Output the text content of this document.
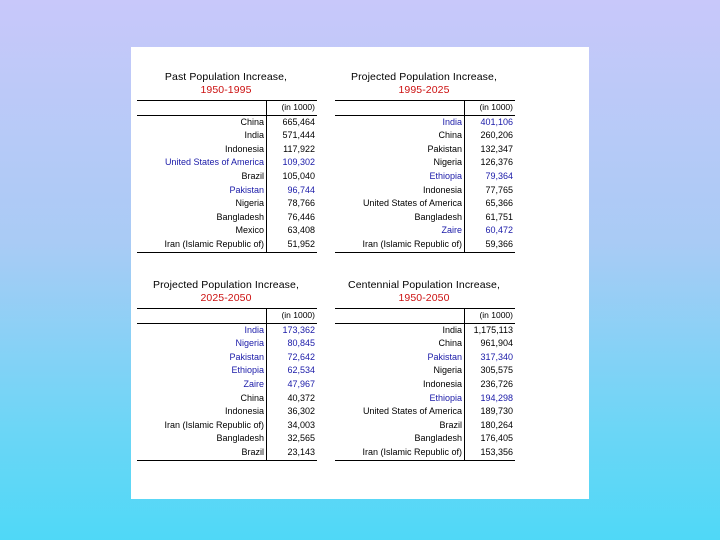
Past Population Increase,
1950-1995
	(in 1000)
China	665,464
India	571,444
Indonesia	117,922
United States of America	109,302
Brazil	105,040
Pakistan	96,744
Nigeria	78,766
Bangladesh	76,446
Mexico	63,408
Iran (Islamic Republic of)	51,952
Projected Population Increase,
1995-2025
	(in 1000)
India	401,106
China	260,206
Pakistan	132,347
Nigeria	126,376
Ethiopia	79,364
Indonesia	77,765
United States of America	65,366
Bangladesh	61,751
Zaire	60,472
Iran (Islamic Republic of)	59,366
Projected Population Increase,
2025-2050
	(in 1000)
India	173,362
Nigeria	80,845
Pakistan	72,642
Ethiopia	62,534
Zaire	47,967
China	40,372
Indonesia	36,302
Iran (Islamic Republic of)	34,003
Bangladesh	32,565
Brazil	23,143
Centennial Population Increase,
1950-2050
	(in 1000)
India	1,175,113
China	961,904
Pakistan	317,340
Nigeria	305,575
Indonesia	236,726
Ethiopia	194,298
United States of America	189,730
Brazil	180,264
Bangladesh	176,405
Iran (Islamic Republic of)	153,356
